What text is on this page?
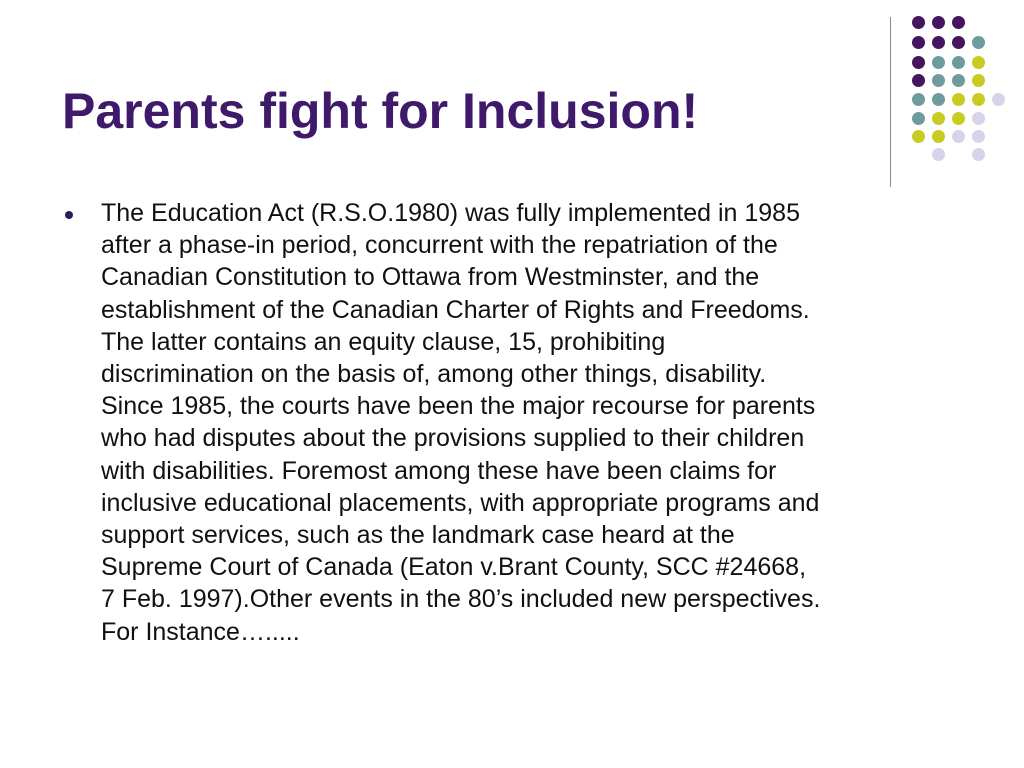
Parents fight for Inclusion!
The Education Act (R.S.O.1980) was fully implemented in 1985
after a phase-in period, concurrent with the repatriation of the
Canadian Constitution to Ottawa from Westminster, and the
establishment of the Canadian Charter of Rights and Freedoms.
The latter contains an equity clause, 15, prohibiting
discrimination on the basis of, among other things, disability.
Since 1985, the courts have been the major recourse for parents
who had disputes about the provisions supplied to their children
with disabilities. Foremost among these have been claims for
inclusive educational placements, with appropriate programs and
support services, such as the landmark case heard at the
Supreme Court of Canada (Eaton v.Brant County, SCC #24668,
7 Feb. 1997).Other events in the 80’s included new perspectives.
For Instance….....
